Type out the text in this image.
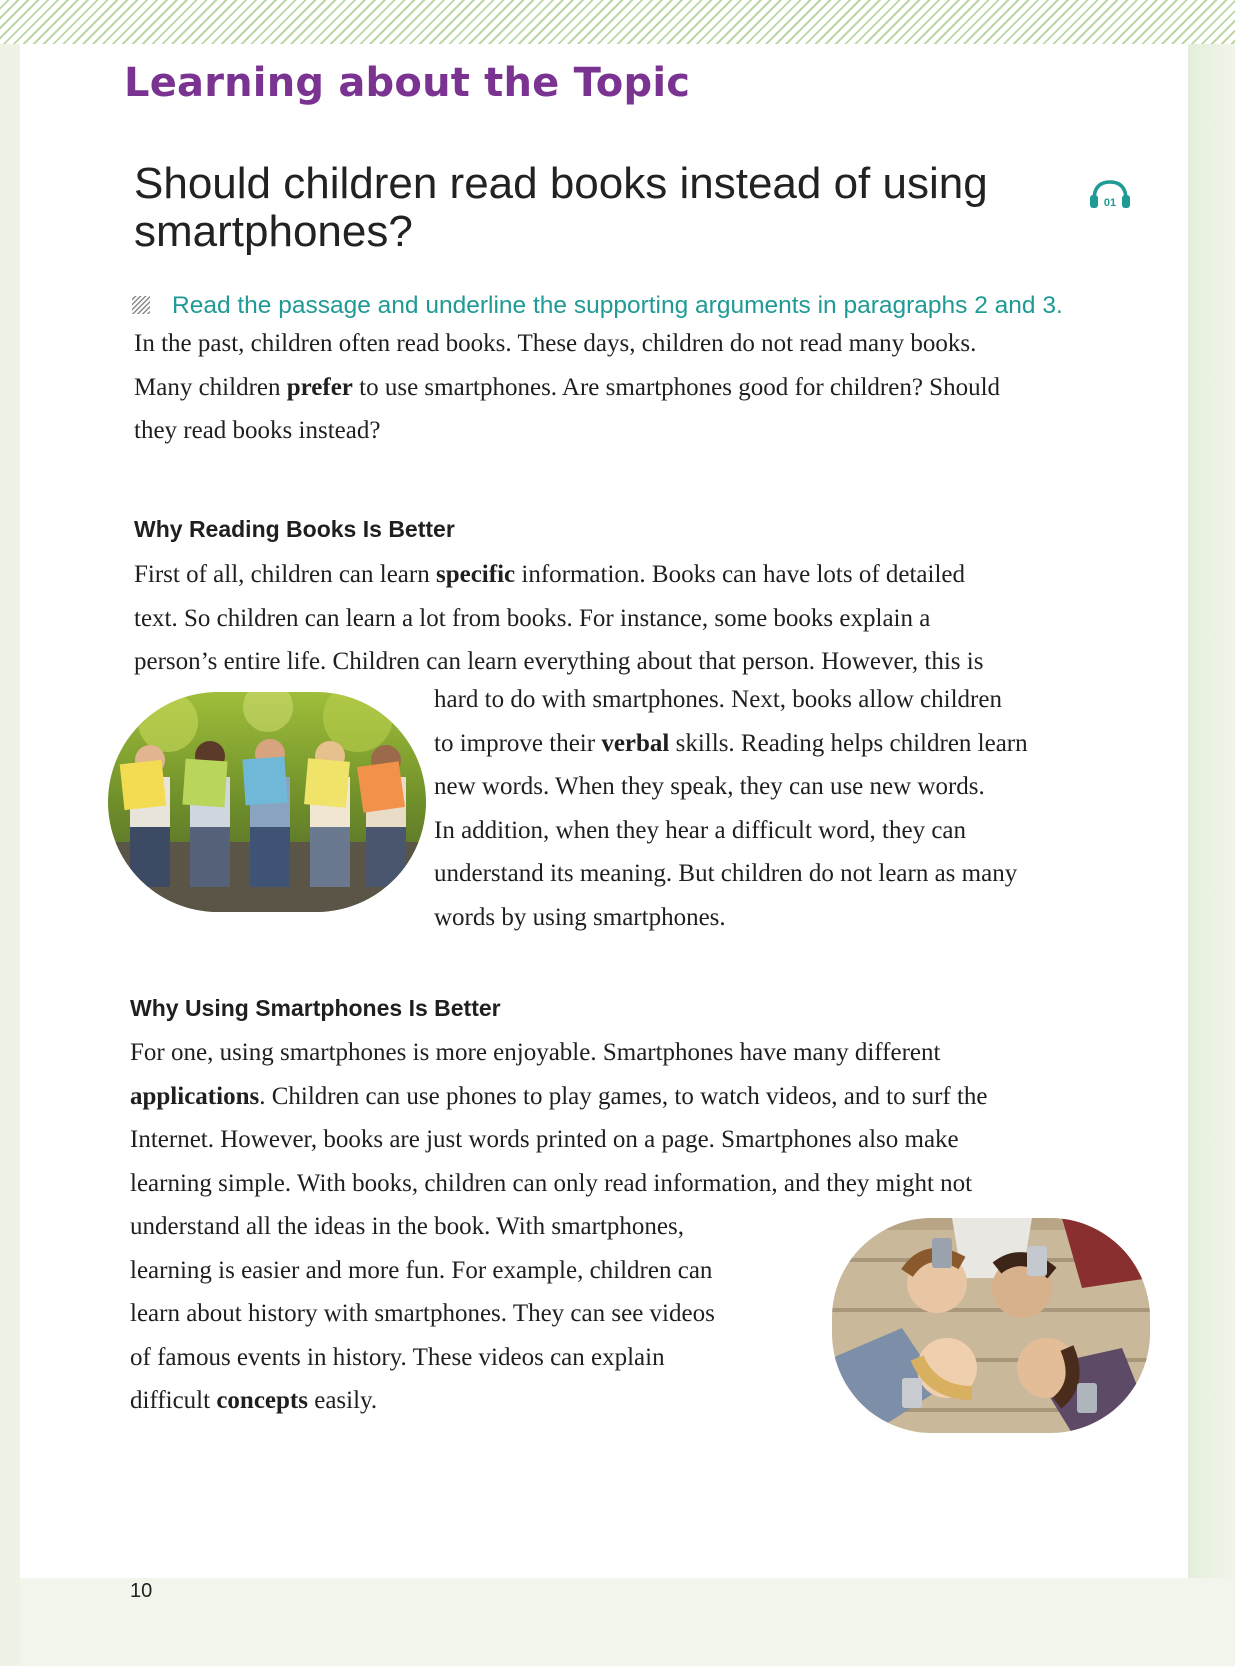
Learning about the Topic
Should children read books instead of using smartphones?
01
Read the passage and underline the supporting arguments in paragraphs 2 and 3.

In the past, children often read books. These days, children do not read many books.
Many children prefer to use smartphones. Are smartphones good for children? Should
they read books instead?

Why Reading Books Is Better

First of all, children can learn specific information. Books can have lots of detailed
text. So children can learn a lot from books. For instance, some books explain a
person’s entire life. Children can learn everything about that person. However, this is

hard to do with smartphones. Next, books allow children
to improve their verbal skills. Reading helps children learn
new words. When they speak, they can use new words.
In addition, when they hear a difficult word, they can
understand its meaning. But children do not learn as many
words by using smartphones.

Why Using Smartphones Is Better

For one, using smartphones is more enjoyable. Smartphones have many different
applications. Children can use phones to play games, to watch videos, and to surf the
Internet. However, books are just words printed on a page. Smartphones also make
learning simple. With books, children can only read information, and they might not

understand all the ideas in the book. With smartphones,
learning is easier and more fun. For example, children can
learn about history with smartphones. They can see videos
of famous events in history. These videos can explain
difficult concepts easily.

10
